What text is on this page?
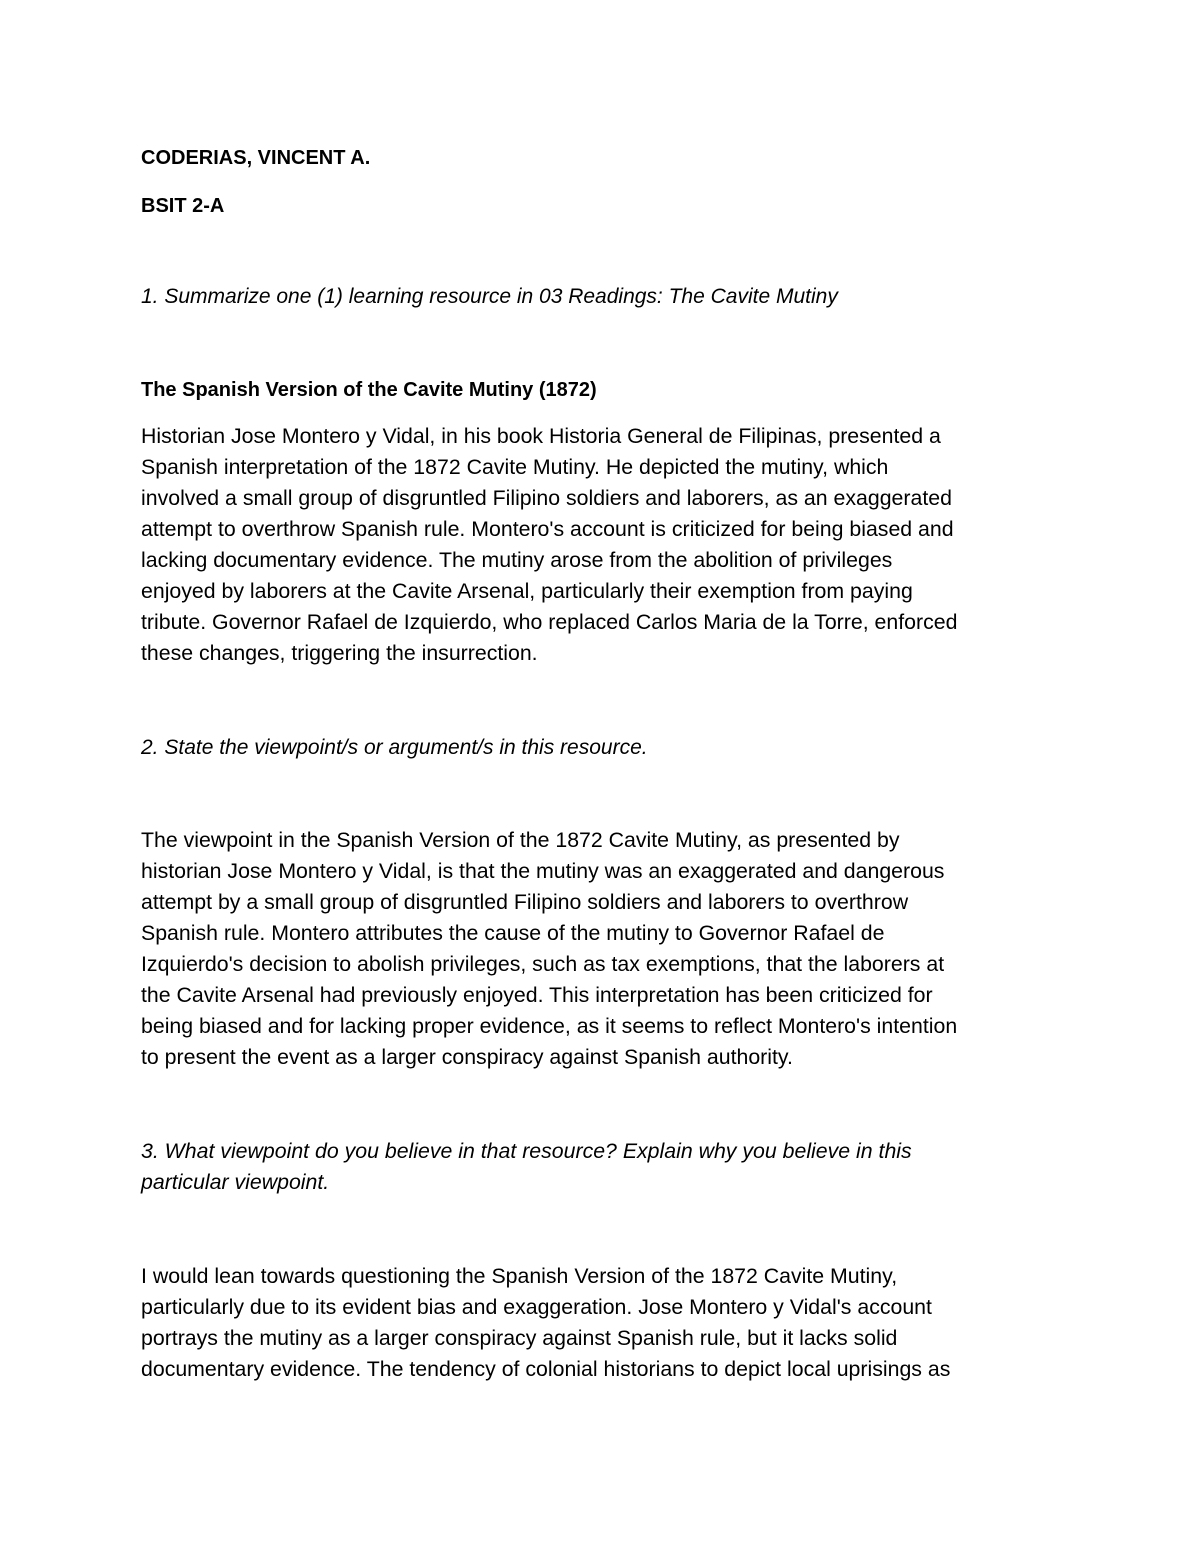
CODERIAS, VINCENT A.

BSIT 2-A

1. Summarize one (1) learning resource in 03 Readings: The Cavite Mutiny

The Spanish Version of the Cavite Mutiny (1872)

Historian Jose Montero y Vidal, in his book Historia General de Filipinas, presented a
Spanish interpretation of the 1872 Cavite Mutiny. He depicted the mutiny, which
involved a small group of disgruntled Filipino soldiers and laborers, as an exaggerated
attempt to overthrow Spanish rule. Montero's account is criticized for being biased and
lacking documentary evidence. The mutiny arose from the abolition of privileges
enjoyed by laborers at the Cavite Arsenal, particularly their exemption from paying
tribute. Governor Rafael de Izquierdo, who replaced Carlos Maria de la Torre, enforced
these changes, triggering the insurrection.

2. State the viewpoint/s or argument/s in this resource.

The viewpoint in the Spanish Version of the 1872 Cavite Mutiny, as presented by
historian Jose Montero y Vidal, is that the mutiny was an exaggerated and dangerous
attempt by a small group of disgruntled Filipino soldiers and laborers to overthrow
Spanish rule. Montero attributes the cause of the mutiny to Governor Rafael de
Izquierdo's decision to abolish privileges, such as tax exemptions, that the laborers at
the Cavite Arsenal had previously enjoyed. This interpretation has been criticized for
being biased and for lacking proper evidence, as it seems to reflect Montero's intention
to present the event as a larger conspiracy against Spanish authority.
3. What viewpoint do you believe in that resource? Explain why you believe in this
particular viewpoint.
I would lean towards questioning the Spanish Version of the 1872 Cavite Mutiny,
particularly due to its evident bias and exaggeration. Jose Montero y Vidal's account
portrays the mutiny as a larger conspiracy against Spanish rule, but it lacks solid
documentary evidence. The tendency of colonial historians to depict local uprisings as
